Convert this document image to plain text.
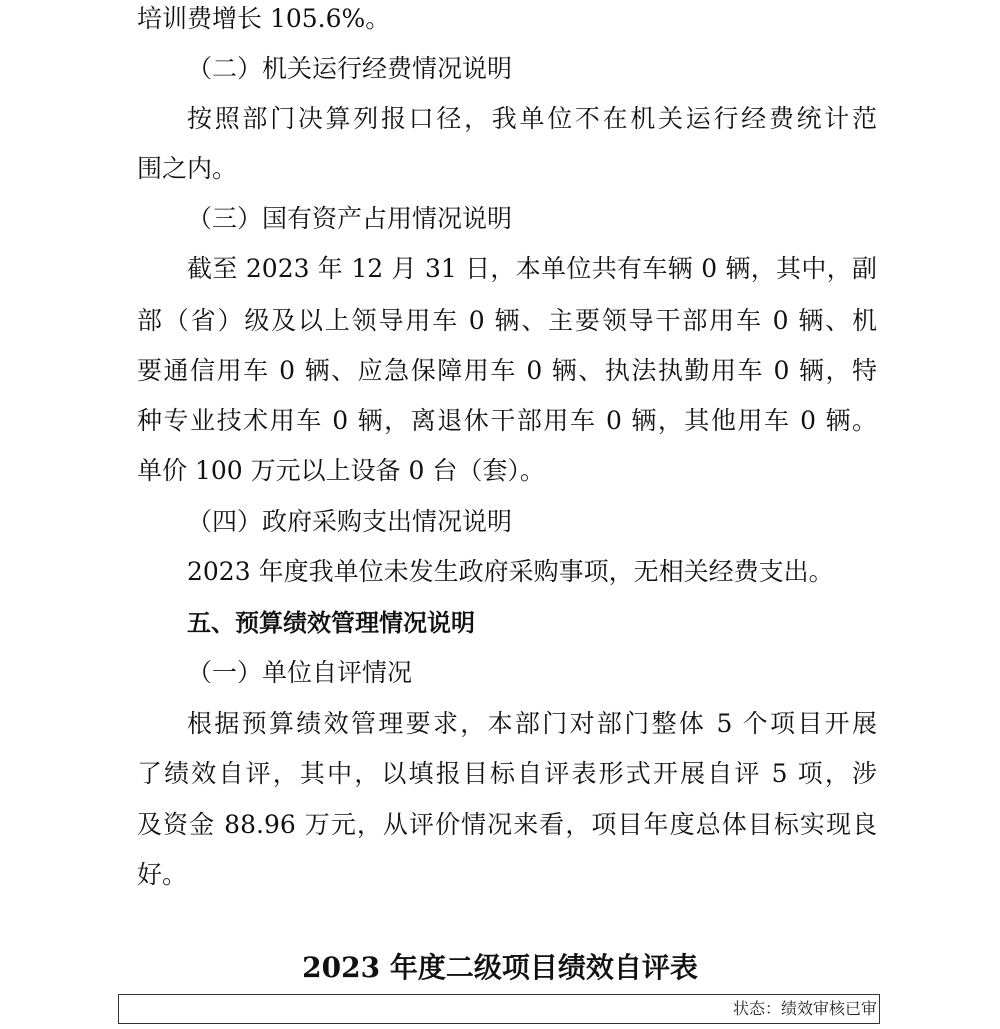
培训费增长 105.6%。
（二）机关运行经费情况说明
按照部门决算列报口径，我单位不在机关运行经费统计范
围之内。
（三）国有资产占用情况说明
截至 2023 年 12 月 31 日，本单位共有车辆 0 辆，其中，副
部（省）级及以上领导用车 0 辆、主要领导干部用车 0 辆、机
要通信用车 0 辆、应急保障用车 0 辆、执法执勤用车 0 辆，特
种专业技术用车 0 辆，离退休干部用车 0 辆，其他用车 0 辆。
单价 100 万元以上设备 0 台（套）。
（四）政府采购支出情况说明
2023 年度我单位未发生政府采购事项，无相关经费支出。
五、预算绩效管理情况说明
（一）单位自评情况
根据预算绩效管理要求，本部门对部门整体 5 个项目开展
了绩效自评，其中，以填报目标自评表形式开展自评 5 项，涉
及资金 88.96 万元，从评价情况来看，项目年度总体目标实现良
好。
2023 年度二级项目绩效自评表
状态：绩效审核已审
